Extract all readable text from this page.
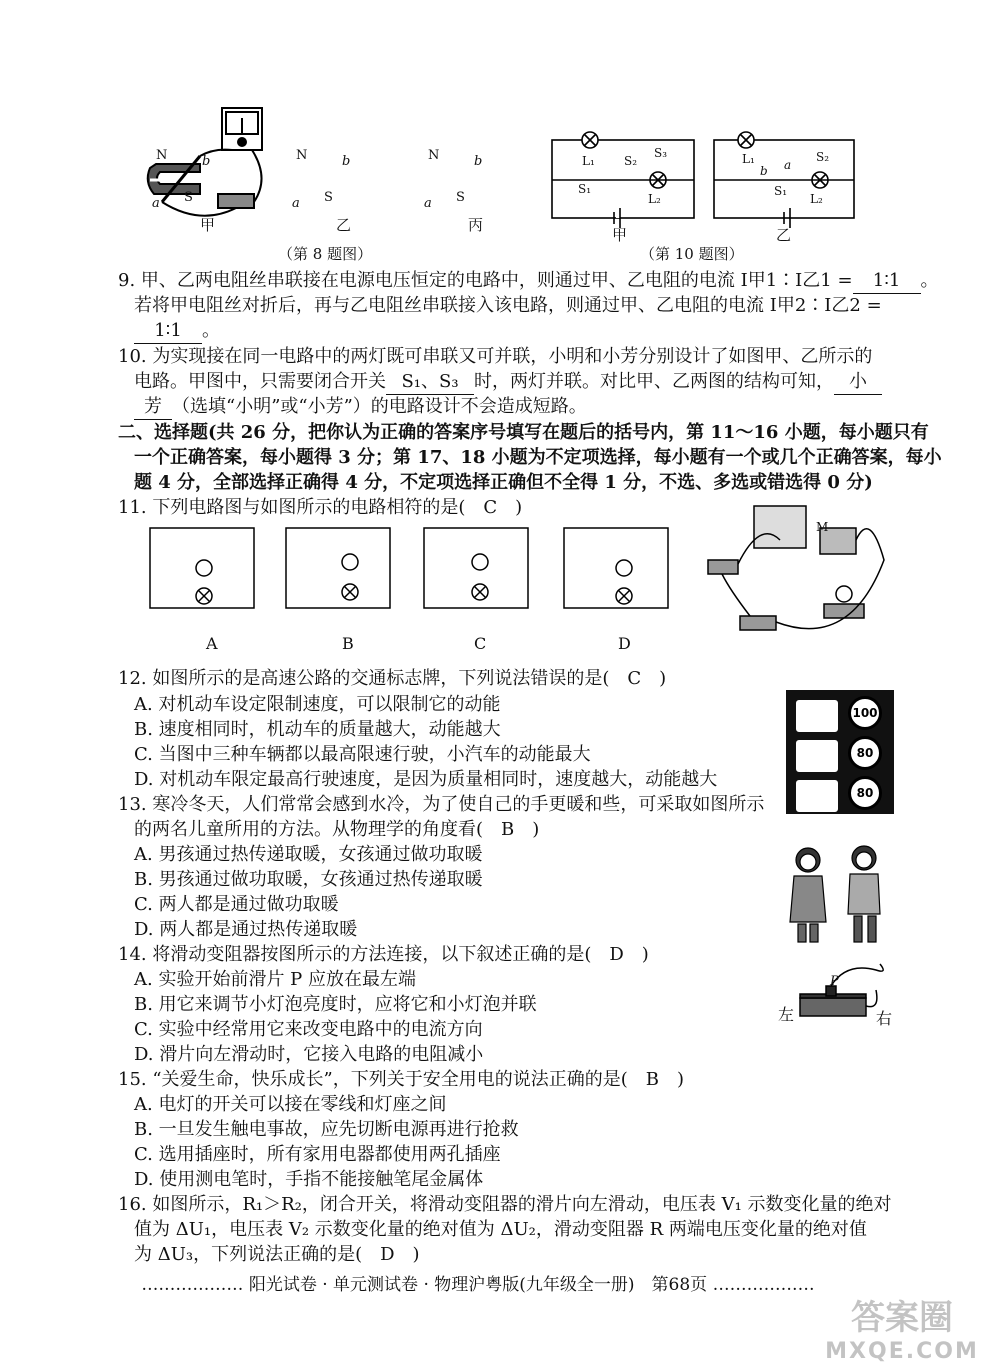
N
S
a
b
甲
N
S
a
b
乙
N
S
a
b
丙
（第 8 题图）
L₁
L₂
S₁
S₂
S₃
甲
L₁
L₂
S₁
S₂
b a
乙
（第 10 题图）
9. 甲、乙两电阻丝串联接在电源电压恒定的电路中，则通过甲、乙电阻的电流 I甲1∶I乙1 = 1∶1 。
若将甲电阻丝对折后，再与乙电阻丝串联接入该电路，则通过甲、乙电阻的电流 I甲2∶I乙2 =
1∶1 。
10. 为实现接在同一电路中的两灯既可串联又可并联，小明和小芳分别设计了如图甲、乙所示的
电路。甲图中，只需要闭合开关 S₁、S₃ 时，两灯并联。对比甲、乙两图的结构可知， 小
芳 （选填“小明”或“小芳”）的电路设计不会造成短路。
二、选择题(共 26 分，把你认为正确的答案序号填写在题后的括号内，第 11～16 小题，每小题只有
一个正确答案，每小题得 3 分；第 17、18 小题为不定项选择，每小题有一个或几个正确答案，每小
题 4 分，全部选择正确得 4 分，不定项选择正确但不全得 1 分，不选、多选或错选得 0 分)
11. 下列电路图与如图所示的电路相符的是(　C　)
A	B	C	D
M
12. 如图所示的是高速公路的交通标志牌，下列说法错误的是(　C　)
A. 对机动车设定限制速度，可以限制它的动能
B. 速度相同时，机动车的质量越大，动能越大
C. 当图中三种车辆都以最高限速行驶，小汽车的动能最大
D. 对机动车限定最高行驶速度，是因为质量相同时，速度越大，动能越大
100
80
80
13. 寒冷冬天，人们常常会感到水冷，为了使自己的手更暖和些，可采取如图所示
的两名儿童所用的方法。从物理学的角度看(　B　)
A. 男孩通过热传递取暖，女孩通过做功取暖
B. 男孩通过做功取暖，女孩通过热传递取暖
C. 两人都是通过做功取暖
D. 两人都是通过热传递取暖
14. 将滑动变阻器按图所示的方法连接，以下叙述正确的是(　D　)
A. 实验开始前滑片 P 应放在最左端
B. 用它来调节小灯泡亮度时，应将它和小灯泡并联
C. 实验中经常用它来改变电路中的电流方向
D. 滑片向左滑动时，它接入电路的电阻减小
P
左	右
15. “关爱生命，快乐成长”，下列关于安全用电的说法正确的是(　B　)
A. 电灯的开关可以接在零线和灯座之间
B. 一旦发生触电事故，应先切断电源再进行抢救
C. 选用插座时，所有家用电器都使用两孔插座
D. 使用测电笔时，手指不能接触笔尾金属体
16. 如图所示，R₁＞R₂，闭合开关，将滑动变阻器的滑片向左滑动，电压表 V₁ 示数变化量的绝对
值为 ΔU₁，电压表 V₂ 示数变化量的绝对值为 ΔU₂，滑动变阻器 R 两端电压变化量的绝对值
为 ΔU₃，下列说法正确的是(　D　)
……………… 阳光试卷 · 单元测试卷 · 物理沪粤版(九年级全一册)　第68页 ………………
答案圈
MXQE.COM
